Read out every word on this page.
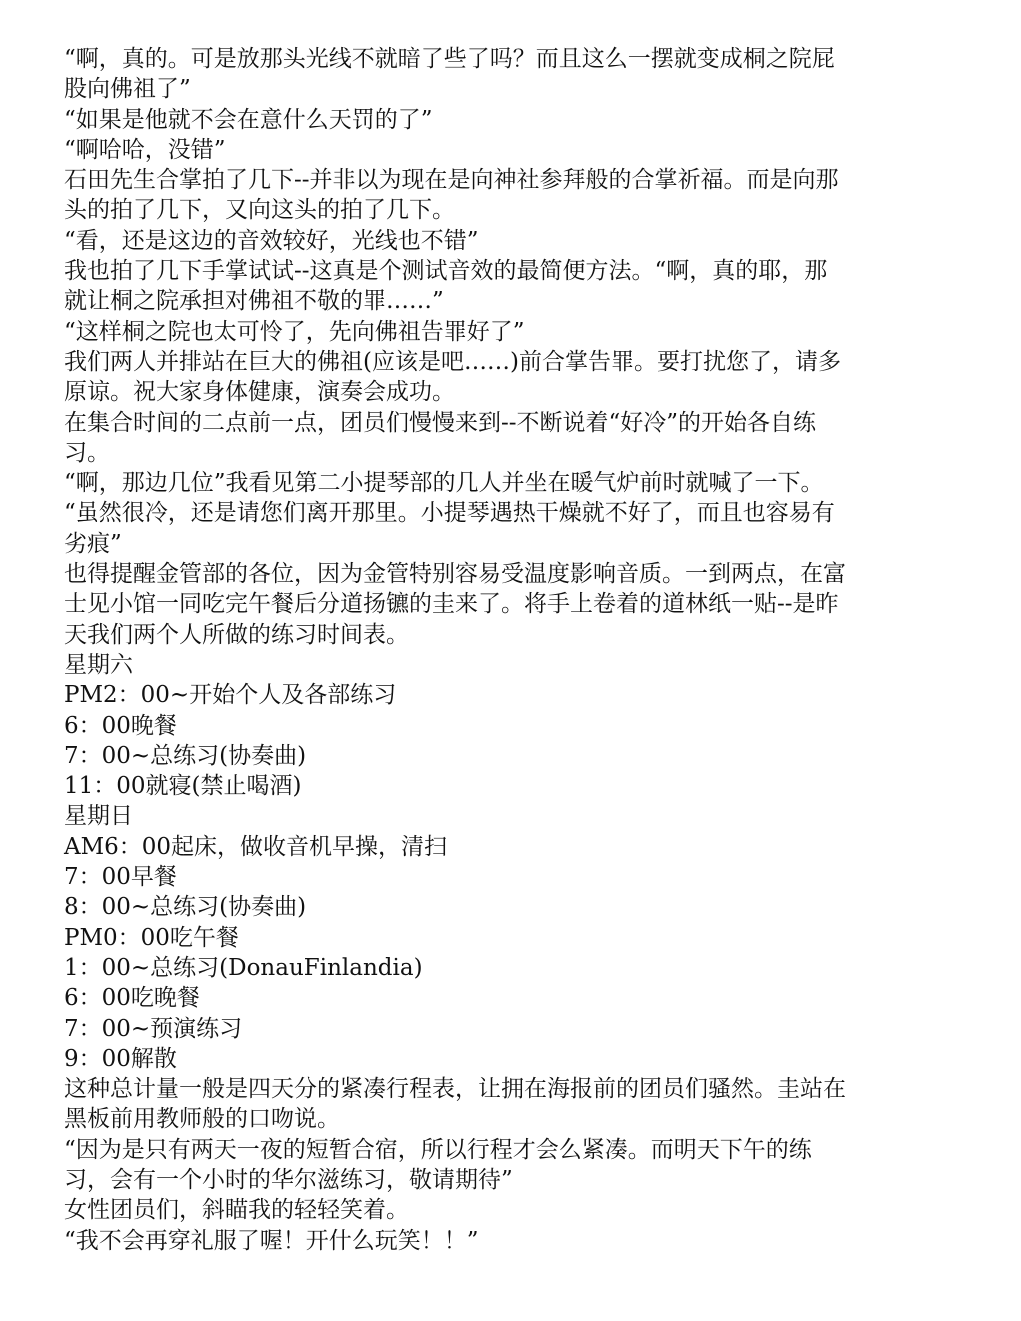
“啊，真的。可是放那头光线不就暗了些了吗？而且这么一摆就变成桐之院屁
股向佛祖了”
“如果是他就不会在意什么天罚的了”
“啊哈哈，没错”
石田先生合掌拍了几下--并非以为现在是向神社参拜般的合掌祈福。而是向那
头的拍了几下，又向这头的拍了几下。
“看，还是这边的音效较好，光线也不错”
我也拍了几下手掌试试--这真是个测试音效的最简便方法。“啊，真的耶，那
就让桐之院承担对佛祖不敬的罪……”
“这样桐之院也太可怜了，先向佛祖告罪好了”
我们两人并排站在巨大的佛祖(应该是吧……)前合掌告罪。要打扰您了，请多
原谅。祝大家身体健康，演奏会成功。
在集合时间的二点前一点，团员们慢慢来到--不断说着“好冷”的开始各自练
习。
“啊，那边几位”我看见第二小提琴部的几人并坐在暖气炉前时就喊了一下。
“虽然很冷，还是请您们离开那里。小提琴遇热干燥就不好了，而且也容易有
劣痕”
也得提醒金管部的各位，因为金管特别容易受温度影响音质。一到两点，在富
士见小馆一同吃完午餐后分道扬镳的圭来了。将手上卷着的道林纸一贴--是昨
天我们两个人所做的练习时间表。
星期六
PM2：00~开始个人及各部练习
6：00晚餐
7：00~总练习(协奏曲)
11：00就寝(禁止喝酒)
星期日
AM6：00起床，做收音机早操，清扫
7：00早餐
8：00~总练习(协奏曲)
PM0：00吃午餐
1：00~总练习(DonauFinlandia)
6：00吃晚餐
7：00~预演练习
9：00解散
这种总计量一般是四天分的紧凑行程表，让拥在海报前的团员们骚然。圭站在
黑板前用教师般的口吻说。
“因为是只有两天一夜的短暂合宿，所以行程才会么紧凑。而明天下午的练
习，会有一个小时的华尔滋练习，敬请期待”
女性团员们，斜瞄我的轻轻笑着。
“我不会再穿礼服了喔！开什么玩笑！！”
